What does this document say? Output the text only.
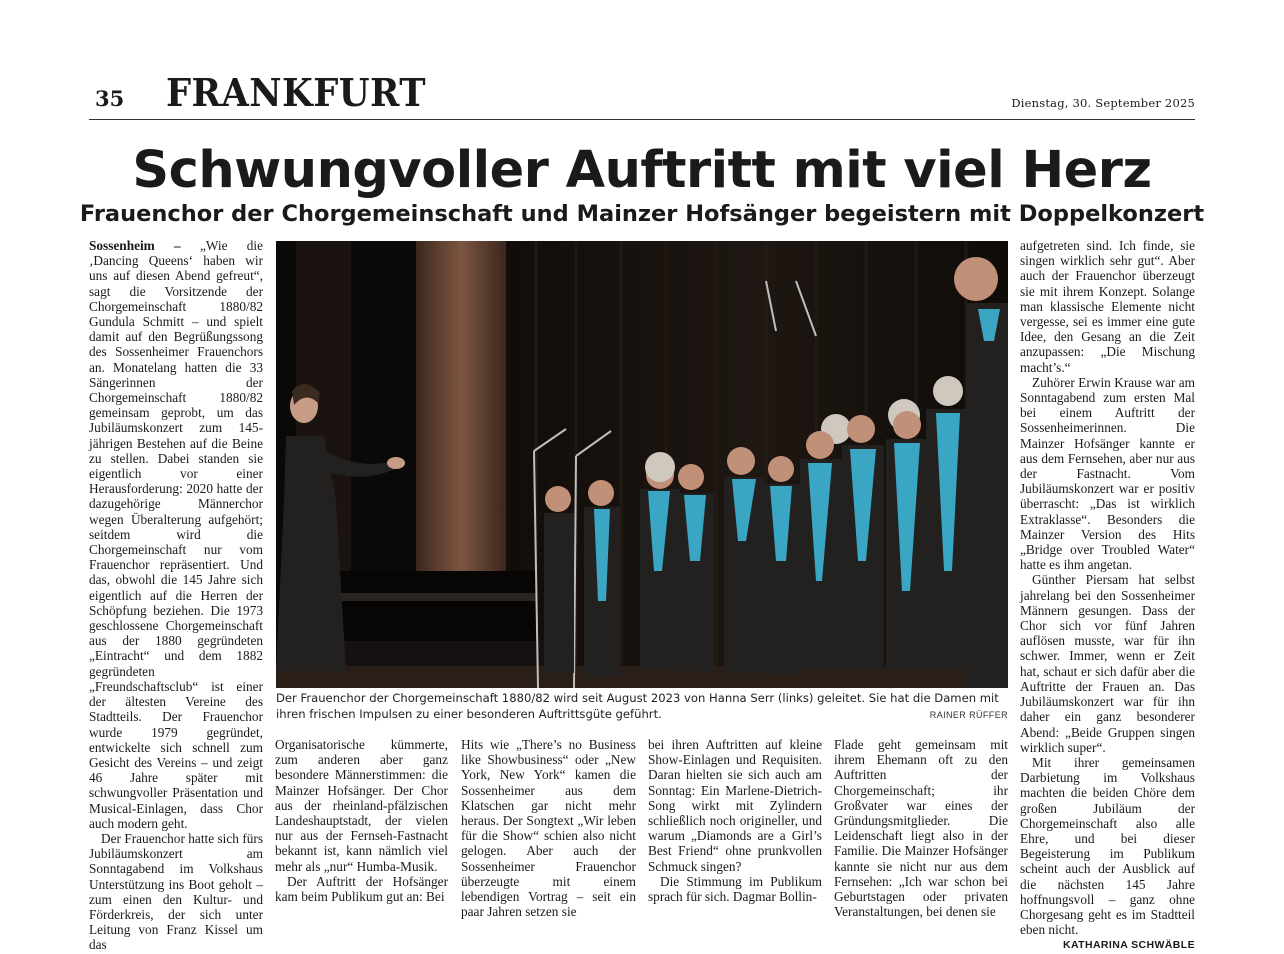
35 FRANKFURT	Dienstag, 30. September 2025
Schwungvoller Auftritt mit viel Herz
Frauenchor der Chorgemeinschaft und Mainzer Hofsänger begeistern mit Doppelkonzert

Sossenheim – „Wie die ‚Dancing Queens‘ haben wir uns auf diesen Abend gefreut“, sagt die Vorsitzende der Chorgemeinschaft 1880/82 Gundula Schmitt – und spielt damit auf den Begrüßungssong des Sossenheimer Frauenchors an. Monatelang hatten die 33 Sängerinnen der Chorgemeinschaft 1880/82 gemeinsam geprobt, um das Jubiläumskonzert zum 145-jährigen Bestehen auf die Beine zu stellen. Dabei standen sie eigentlich vor einer Herausforderung: 2020 hatte der dazugehörige Männerchor wegen Überalterung aufgehört; seitdem wird die Chorgemeinschaft nur vom Frauenchor repräsentiert. Und das, obwohl die 145 Jahre sich eigentlich auf die Herren der Schöpfung beziehen. Die 1973 geschlossene Chorgemeinschaft aus der 1880 gegründeten „Eintracht“ und dem 1882 gegründeten „Freundschaftsclub“ ist einer der ältesten Vereine des Stadtteils. Der Frauenchor wurde 1979 gegründet, entwickelte sich schnell zum Gesicht des Vereins – und zeigt 46 Jahre später mit schwungvoller Präsentation und Musical-Einlagen, dass Chor auch modern geht.

Der Frauenchor hatte sich fürs Jubiläumskonzert am Sonntagabend im Volkshaus Unterstützung ins Boot geholt – zum einen den Kultur- und Förderkreis, der sich unter Leitung von Franz Kissel um das

Der Frauenchor der Chorgemeinschaft 1880/82 wird seit August 2023 von Hanna Serr (links) geleitet. Sie hat die Damen mit ihren frischen Impulsen zu einer besonderen Auftrittsgüte geführt.	RAINER RÜFFER

Organisatorische kümmerte, zum anderen aber ganz besondere Männerstimmen: die Mainzer Hofsänger. Der Chor aus der rheinland-pfälzischen Landeshauptstadt, der vielen nur aus der Fernseh-Fastnacht bekannt ist, kann nämlich viel mehr als „nur“ Humba-Musik.

Der Auftritt der Hofsänger kam beim Publikum gut an: Bei

Hits wie „There’s no Business like Showbusiness“ oder „New York, New York“ kamen die Sossenheimer aus dem Klatschen gar nicht mehr heraus. Der Songtext „Wir leben für die Show“ schien also nicht gelogen. Aber auch der Sossenheimer Frauenchor überzeugte mit einem lebendigen Vortrag – seit ein paar Jahren setzen sie

bei ihren Auftritten auf kleine Show-Einlagen und Requisiten. Daran hielten sie sich auch am Sonntag: Ein Marlene-Dietrich-Song wirkt mit Zylindern schließlich noch origineller, und warum „Diamonds are a Girl’s Best Friend“ ohne prunkvollen Schmuck singen?

Die Stimmung im Publikum sprach für sich. Dagmar Bollin-

Flade geht gemeinsam mit ihrem Ehemann oft zu den Auftritten der Chorgemeinschaft; ihr Großvater war eines der Gründungsmitglieder. Die Leidenschaft liegt also in der Familie. Die Mainzer Hofsänger kannte sie nicht nur aus dem Fernsehen: „Ich war schon bei Geburtstagen oder privaten Veranstaltungen, bei denen sie

aufgetreten sind. Ich finde, sie singen wirklich sehr gut“. Aber auch der Frauenchor überzeugt sie mit ihrem Konzept. Solange man klassische Elemente nicht vergesse, sei es immer eine gute Idee, den Gesang an die Zeit anzupassen: „Die Mischung macht’s.“

Zuhörer Erwin Krause war am Sonntagabend zum ersten Mal bei einem Auftritt der Sossenheimerinnen. Die Mainzer Hofsänger kannte er aus dem Fernsehen, aber nur aus der Fastnacht. Vom Jubiläumskonzert war er positiv überrascht: „Das ist wirklich Extraklasse“. Besonders die Mainzer Version des Hits „Bridge over Troubled Water“ hatte es ihm angetan.

Günther Piersam hat selbst jahrelang bei den Sossenheimer Männern gesungen. Dass der Chor sich vor fünf Jahren auflösen musste, war für ihn schwer. Immer, wenn er Zeit hat, schaut er sich dafür aber die Auftritte der Frauen an. Das Jubiläumskonzert war für ihn daher ein ganz besonderer Abend: „Beide Gruppen singen wirklich super“.

Mit ihrer gemeinsamen Darbietung im Volkshaus machten die beiden Chöre dem großen Jubiläum der Chorgemeinschaft also alle Ehre, und bei dieser Begeisterung im Publikum scheint auch der Ausblick auf die nächsten 145 Jahre hoffnungsvoll – ganz ohne Chorgesang geht es im Stadtteil eben nicht.
KATHARINA SCHWÄBLE
